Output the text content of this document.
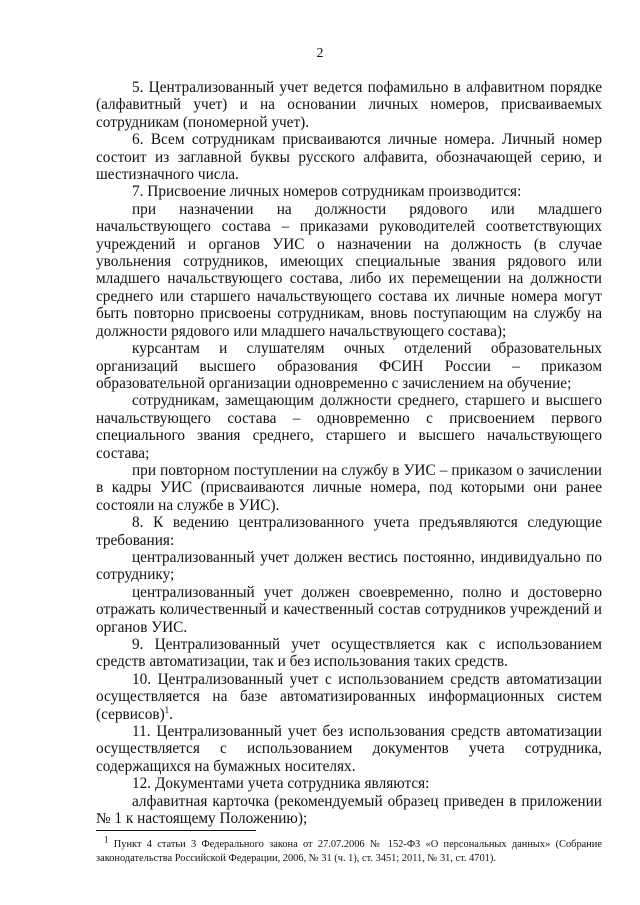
2

5. Централизованный учет ведется пофамильно в алфавитном порядке (алфавитный учет) и на основании личных номеров, присваиваемых сотрудникам (пономерной учет).

6. Всем сотрудникам присваиваются личные номера. Личный номер состоит из заглавной буквы русского алфавита, обозначающей серию, и шестизначного числа.

7. Присвоение личных номеров сотрудникам производится:

при назначении на должности рядового или младшего начальствующего состава – приказами руководителей соответствующих учреждений и органов УИС о назначении на должность (в случае увольнения сотрудников, имеющих специальные звания рядового или младшего начальствующего состава, либо их перемещении на должности среднего или старшего начальствующего состава их личные номера могут быть повторно присвоены сотрудникам, вновь поступающим на службу на должности рядового или младшего начальствующего состава);

курсантам и слушателям очных отделений образовательных организаций высшего образования ФСИН России – приказом образовательной организации одновременно с зачислением на обучение;

сотрудникам, замещающим должности среднего, старшего и высшего начальствующего состава – одновременно с присвоением первого специального звания среднего, старшего и высшего начальствующего состава;

при повторном поступлении на службу в УИС – приказом о зачислении в кадры УИС (присваиваются личные номера, под которыми они ранее состояли на службе в УИС).

8. К ведению централизованного учета предъявляются следующие требования:

централизованный учет должен вестись постоянно, индивидуально по сотруднику;

централизованный учет должен своевременно, полно и достоверно отражать количественный и качественный состав сотрудников учреждений и органов УИС.

9. Централизованный учет осуществляется как с использованием средств автоматизации, так и без использования таких средств.

10. Централизованный учет с использованием средств автоматизации осуществляется на базе автоматизированных информационных систем (сервисов)$^1$.

11. Централизованный учет без использования средств автоматизации осуществляется с использованием документов учета сотрудника, содержащихся на бумажных носителях.

12. Документами учета сотрудника являются:

алфавитная карточка (рекомендуемый образец приведен в приложении № 1 к настоящему Положению);

$^1$ Пункт 4 статьи 3 Федерального закона от 27.07.2006 № 152-ФЗ «О персональных данных» (Собрание законодательства Российской Федерации, 2006, № 31 (ч. 1), ст. 3451; 2011, № 31, ст. 4701).
